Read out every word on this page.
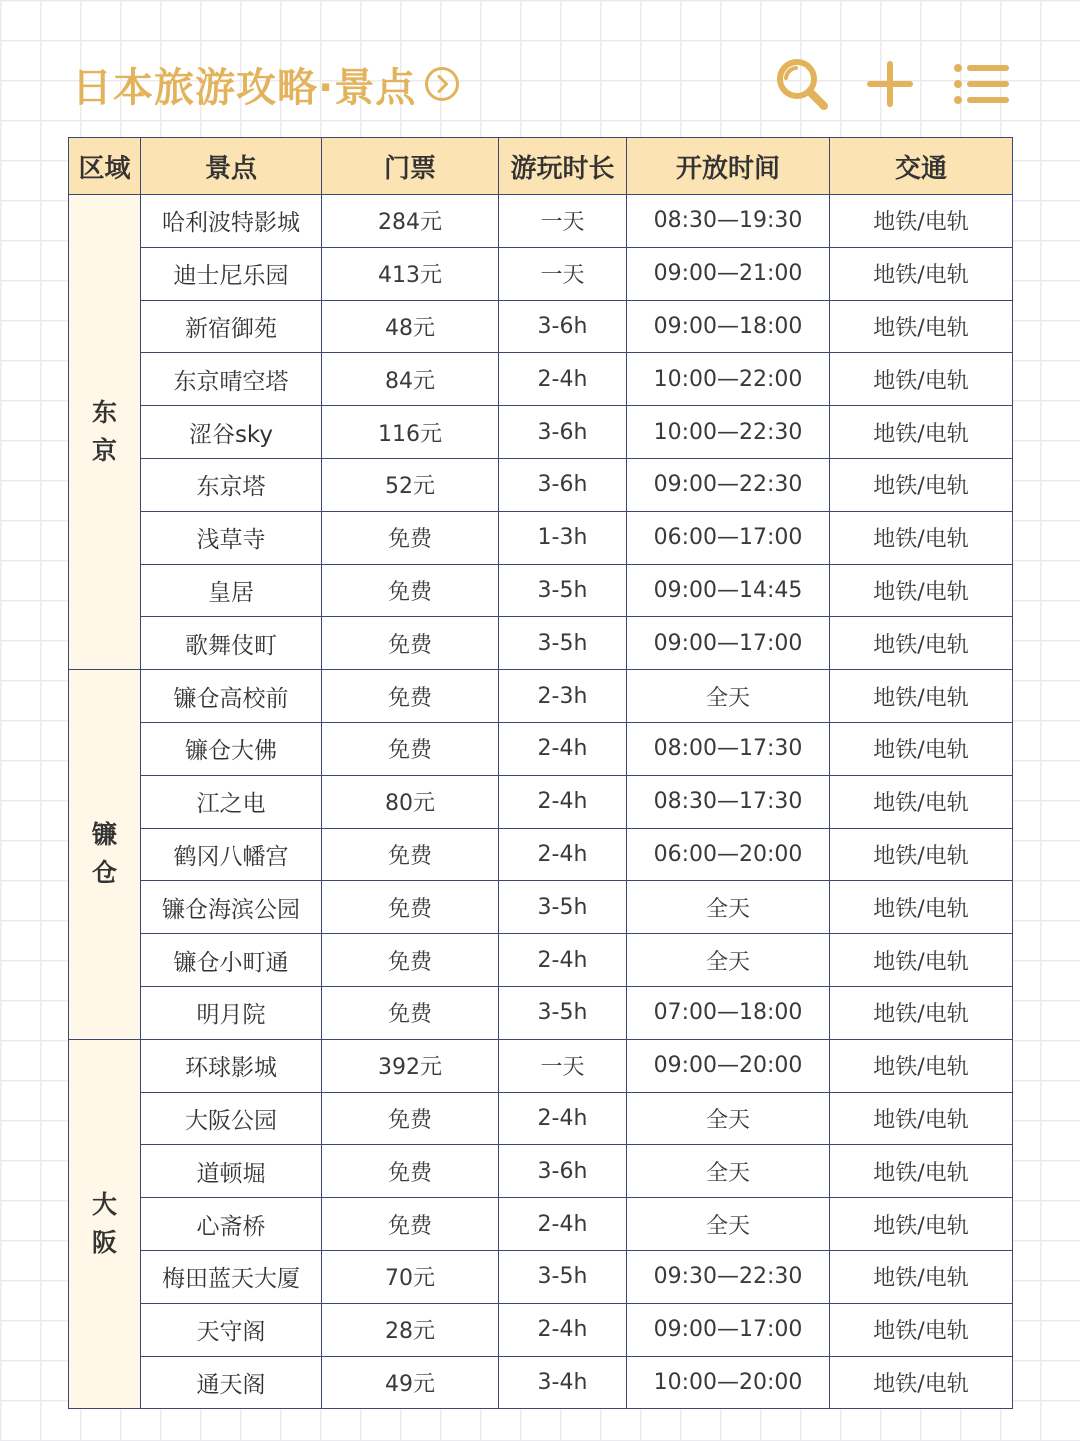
日本旅游攻略·景点
区域	景点	门票	游玩时长	开放时间	交通
东京	哈利波特影城	284元	一天	08:30—19:30	地铁/电轨
	迪士尼乐园	413元	一天	09:00—21:00	地铁/电轨
	新宿御苑	48元	3-6h	09:00—18:00	地铁/电轨
	东京晴空塔	84元	2-4h	10:00—22:00	地铁/电轨
	涩谷sky	116元	3-6h	10:00—22:30	地铁/电轨
	东京塔	52元	3-6h	09:00—22:30	地铁/电轨
	浅草寺	免费	1-3h	06:00—17:00	地铁/电轨
	皇居	免费	3-5h	09:00—14:45	地铁/电轨
	歌舞伎町	免费	3-5h	09:00—17:00	地铁/电轨
镰仓	镰仓高校前	免费	2-3h	全天	地铁/电轨
	镰仓大佛	免费	2-4h	08:00—17:30	地铁/电轨
	江之电	80元	2-4h	08:30—17:30	地铁/电轨
	鹤冈八幡宫	免费	2-4h	06:00—20:00	地铁/电轨
	镰仓海滨公园	免费	3-5h	全天	地铁/电轨
	镰仓小町通	免费	2-4h	全天	地铁/电轨
	明月院	免费	3-5h	07:00—18:00	地铁/电轨
大阪	环球影城	392元	一天	09:00—20:00	地铁/电轨
	大阪公园	免费	2-4h	全天	地铁/电轨
	道顿堀	免费	3-6h	全天	地铁/电轨
	心斋桥	免费	2-4h	全天	地铁/电轨
	梅田蓝天大厦	70元	3-5h	09:30—22:30	地铁/电轨
	天守阁	28元	2-4h	09:00—17:00	地铁/电轨
	通天阁	49元	3-4h	10:00—20:00	地铁/电轨
